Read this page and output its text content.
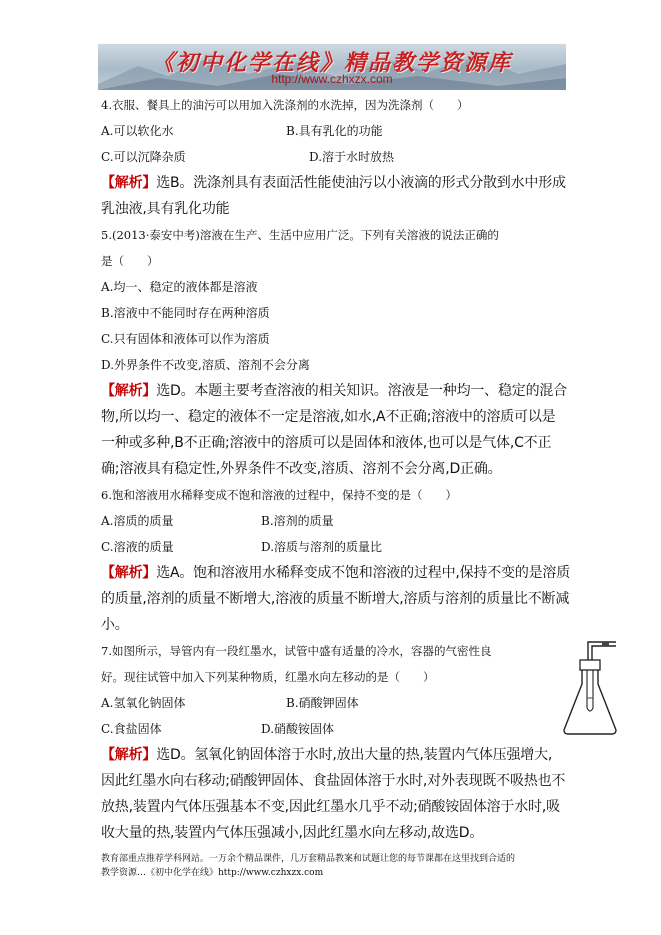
《初中化学在线》精品教学资源库
http://www.czhxzx.com
4.衣服、餐具上的油污可以用加入洗涤剂的水洗掉，因为洗涤剂（　　）
A.可以软化水	B.具有乳化的功能
C.可以沉降杂质	D.溶于水时放热
【解析】选B。洗涤剂具有表面活性能使油污以小液滴的形式分散到水中形成
乳浊液,具有乳化功能
5.(2013·泰安中考)溶液在生产、生活中应用广泛。下列有关溶液的说法正确的
是（　　）
A.均一、稳定的液体都是溶液
B.溶液中不能同时存在两种溶质
C.只有固体和液体可以作为溶质
D.外界条件不改变,溶质、溶剂不会分离
【解析】选D。本题主要考查溶液的相关知识。溶液是一种均一、稳定的混合
物,所以均一、稳定的液体不一定是溶液,如水,A不正确;溶液中的溶质可以是
一种或多种,B不正确;溶液中的溶质可以是固体和液体,也可以是气体,C不正
确;溶液具有稳定性,外界条件不改变,溶质、溶剂不会分离,D正确。
6.饱和溶液用水稀释变成不饱和溶液的过程中，保持不变的是（　　）
A.溶质的质量	B.溶剂的质量
C.溶液的质量	D.溶质与溶剂的质量比
【解析】选A。饱和溶液用水稀释变成不饱和溶液的过程中,保持不变的是溶质
的质量,溶剂的质量不断增大,溶液的质量不断增大,溶质与溶剂的质量比不断减
小。
7.如图所示，导管内有一段红墨水，试管中盛有适量的冷水，容器的气密性良
好。现往试管中加入下列某种物质，红墨水向左移动的是（　　）
A.氢氧化钠固体	B.硝酸钾固体
C.食盐固体	D.硝酸铵固体
【解析】选D。氢氧化钠固体溶于水时,放出大量的热,装置内气体压强增大,
因此红墨水向右移动;硝酸钾固体、食盐固体溶于水时,对外表现既不吸热也不
放热,装置内气体压强基本不变,因此红墨水几乎不动;硝酸铵固体溶于水时,吸
收大量的热,装置内气体压强减小,因此红墨水向左移动,故选D。
教育部重点推荐学科网站。一万余个精品课件，几万套精品教案和试题让您的每节课都在这里找到合适的
教学资源…《初中化学在线》http://www.czhxzx.com
